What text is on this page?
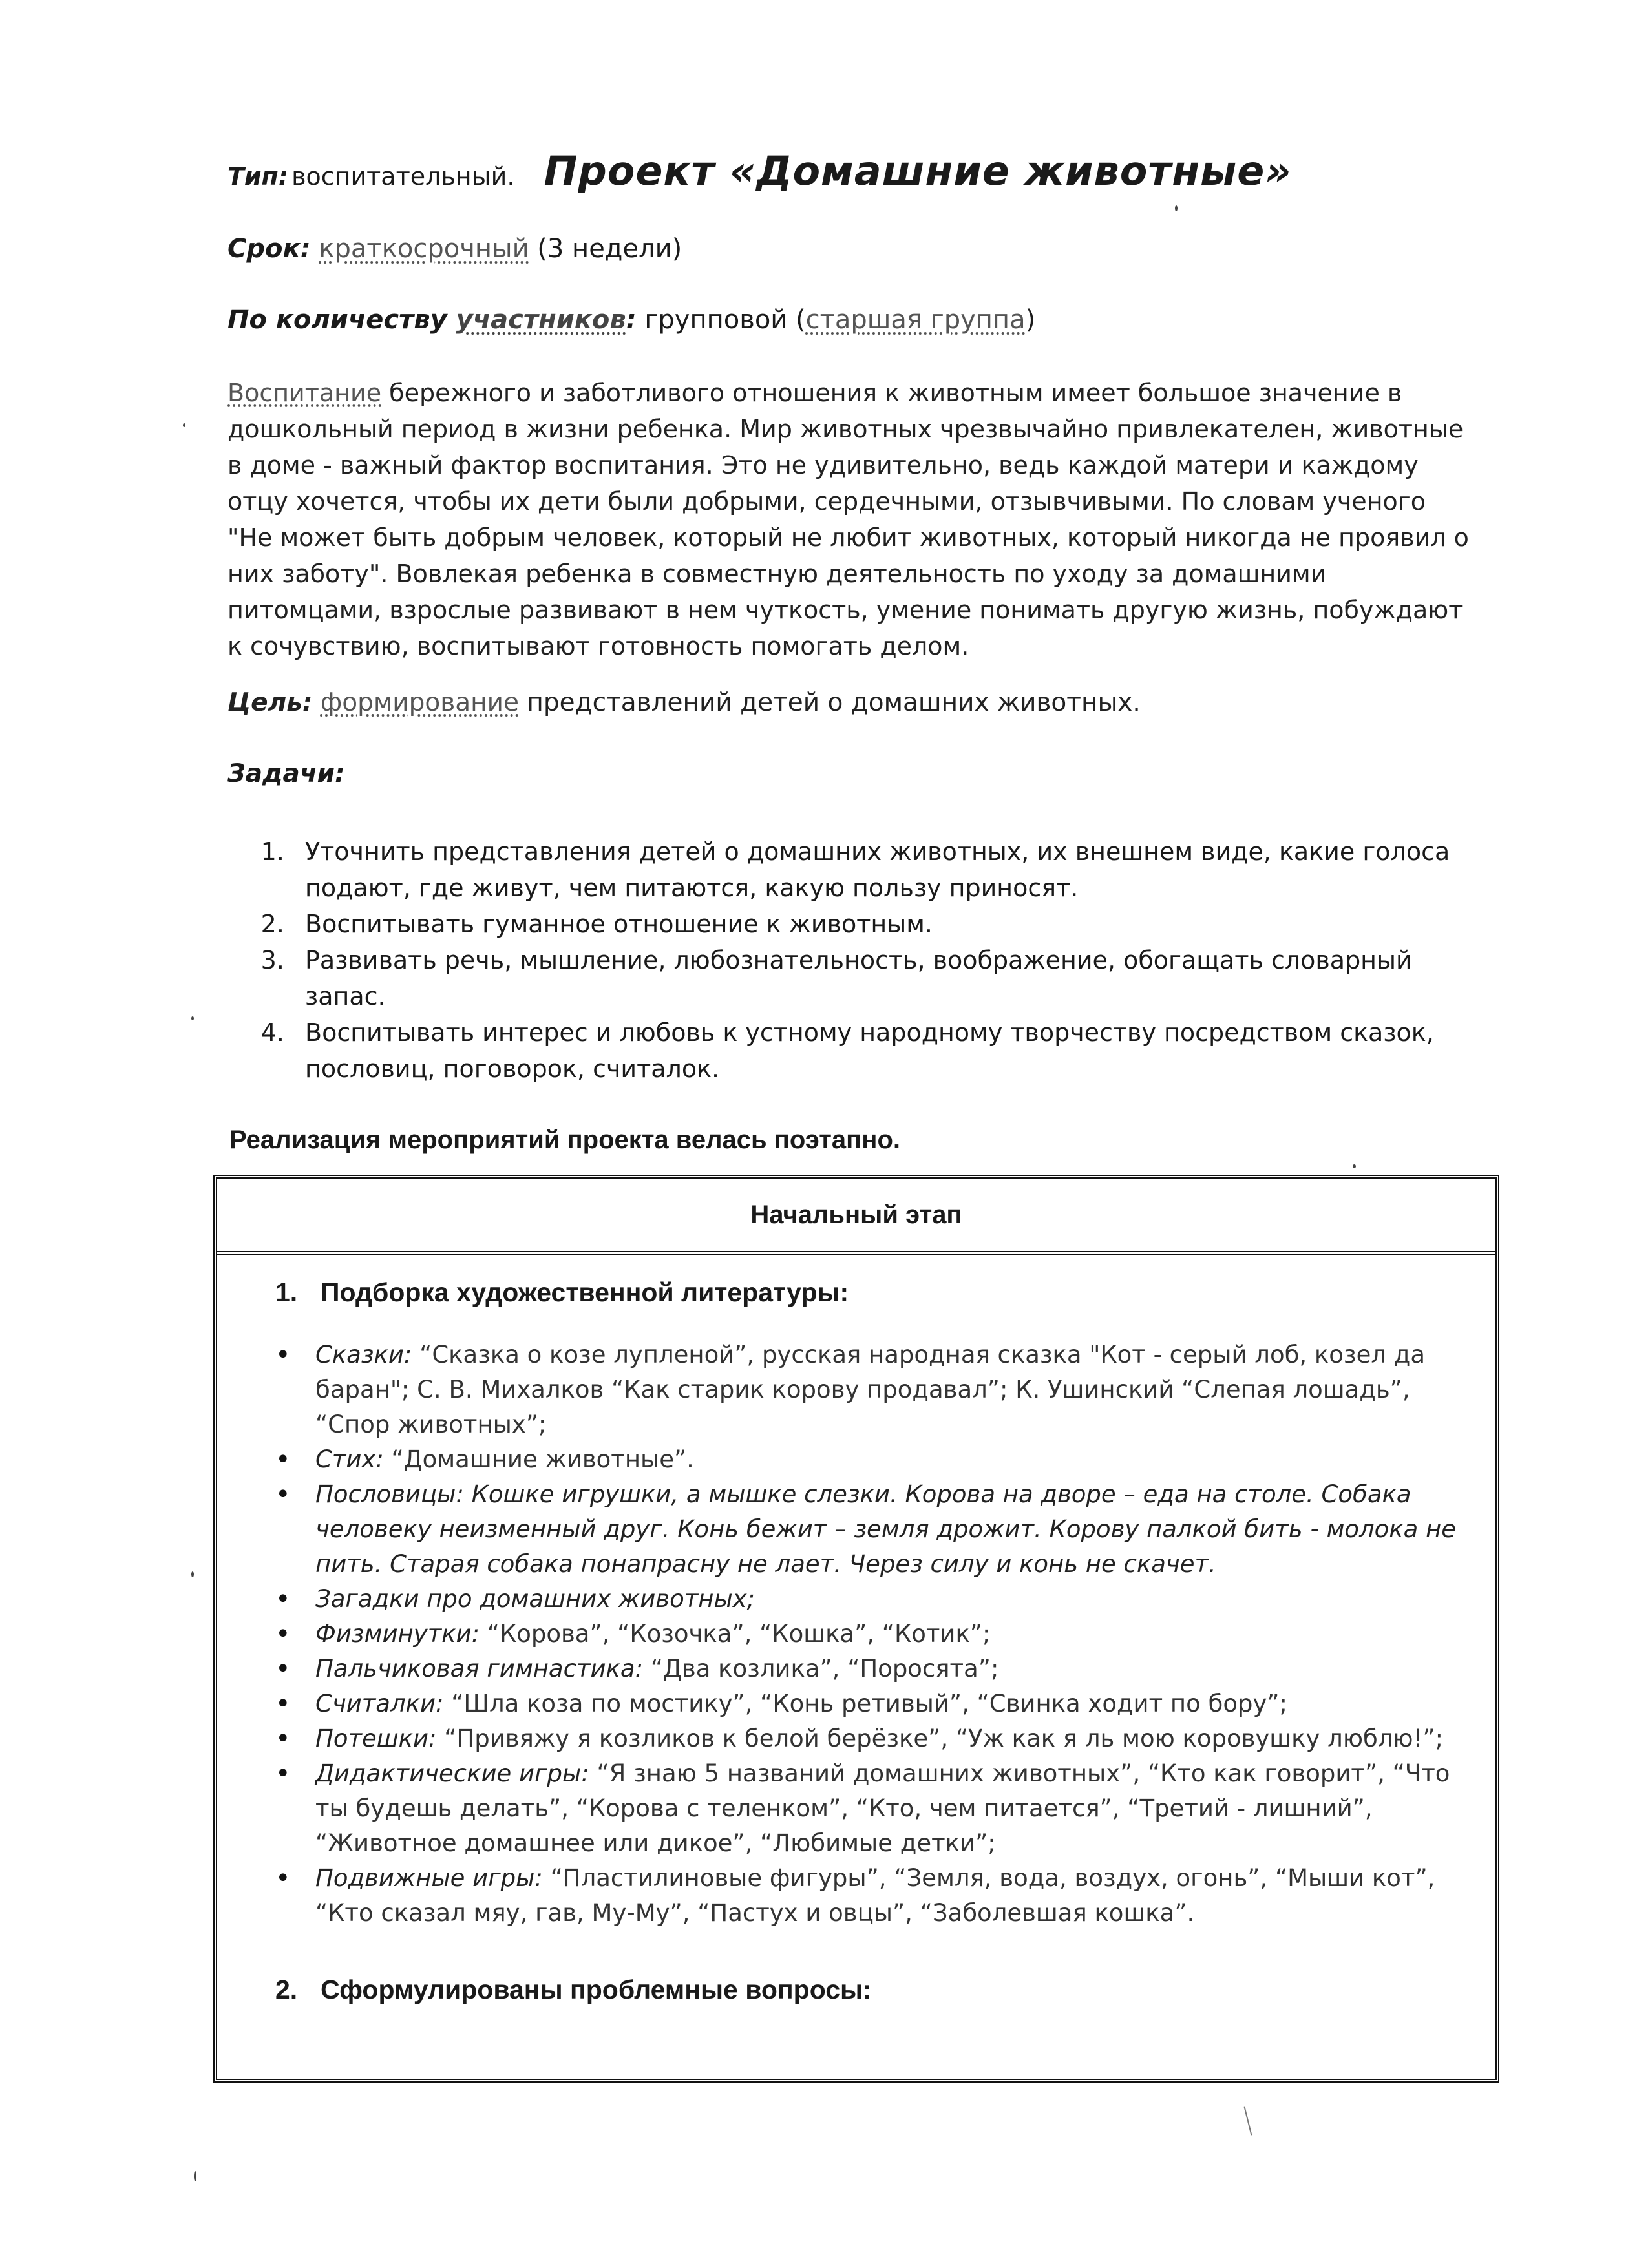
Тип: воспитательный. Проект «Домашние животные»
Срок: краткосрочный (3 недели)
По количеству участников: групповой (старшая группа)
Воспитание бережного и заботливого отношения к животным имеет большое значение в дошкольный период в жизни ребенка. Мир животных чрезвычайно привлекателен, животные в доме - важный фактор воспитания. Это не удивительно, ведь каждой матери и каждому отцу хочется, чтобы их дети были добрыми, сердечными, отзывчивыми. По словам ученого "Не может быть добрым человек, который не любит животных, который никогда не проявил о них заботу". Вовлекая ребенка в совместную деятельность по уходу за домашними питомцами, взрослые развивают в нем чуткость, умение понимать другую жизнь, побуждают к сочувствию, воспитывают готовность помогать делом.
Цель: формирование представлений детей о домашних животных.
Задачи:
1. Уточнить представления детей о домашних животных, их внешнем виде, какие голоса подают, где живут, чем питаются, какую пользу приносят.
2. Воспитывать гуманное отношение к животным.
3. Развивать речь, мышление, любознательность, воображение, обогащать словарный запас.
4. Воспитывать интерес и любовь к устному народному творчеству посредством сказок, пословиц, поговорок, считалок.
Реализация мероприятий проекта велась поэтапно.
Начальный этап
1. Подборка художественной литературы:
• Сказки: “Сказка о козе лупленой”, русская народная сказка "Кот - серый лоб, козел да баран"; С. В. Михалков “Как старик корову продавал”; К. Ушинский “Слепая лошадь”, “Спор животных”;
• Стих: “Домашние животные”.
• Пословицы: Кошке игрушки, а мышке слезки. Корова на дворе – еда на столе. Собака человеку неизменный друг. Конь бежит – земля дрожит. Корову палкой бить - молока не пить. Старая собака понапрасну не лает. Через силу и конь не скачет.
• Загадки про домашних животных;
• Физминутки: “Корова”, “Козочка”, “Кошка”, “Котик”;
• Пальчиковая гимнастика: “Два козлика”, “Поросята”;
• Считалки: “Шла коза по мостику”, “Конь ретивый”, “Свинка ходит по бору”;
• Потешки: “Привяжу я козликов к белой берёзке”, “Уж как я ль мою коровушку люблю!”;
• Дидактические игры: “Я знаю 5 названий домашних животных”, “Кто как говорит”, “Что ты будешь делать”, “Корова с теленком”, “Кто, чем питается”, “Третий - лишний”, “Животное домашнее или дикое”, “Любимые детки”;
• Подвижные игры: “Пластилиновые фигуры”, “Земля, вода, воздух, огонь”, “Мыши кот”, “Кто сказал мяу, гав, Му-Му”, “Пастух и овцы”, “Заболевшая кошка”.
2. Сформулированы проблемные вопросы:
